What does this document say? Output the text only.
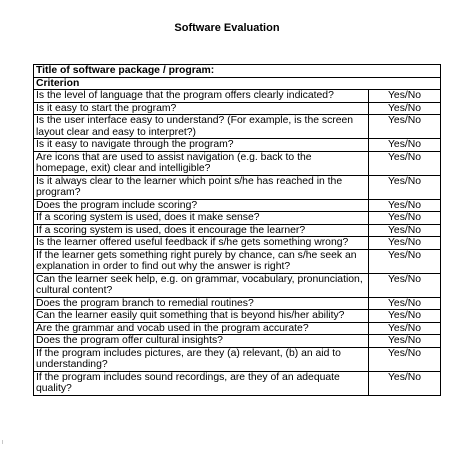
Software Evaluation
Title of software package / program:	
Criterion	
Is the level of language that the program offers clearly indicated?	Yes/No
Is it easy to start the program?	Yes/No
Is the user interface easy to understand? (For example, is the screen layout clear and easy to interpret?)	Yes/No
Is it easy to navigate through the program?	Yes/No
Are icons that are used to assist navigation (e.g. back to the homepage, exit) clear and intelligible?	Yes/No
Is it always clear to the learner which point s/he has reached in the program?	Yes/No
Does the program include scoring?	Yes/No
If a scoring system is used, does it make sense?	Yes/No
If a scoring system is used, does it encourage the learner?	Yes/No
Is the learner offered useful feedback if s/he gets something wrong?	Yes/No
If the learner gets something right purely by chance, can s/he seek an explanation in order to find out why the answer is right?	Yes/No
Can the learner seek help, e.g. on grammar, vocabulary, pronunciation, cultural content?	Yes/No
Does the program branch to remedial routines?	Yes/No
Can the learner easily quit something that is beyond his/her ability?	Yes/No
Are the grammar and vocab used in the program accurate?	Yes/No
Does the program offer cultural insights?	Yes/No
If the program includes pictures, are they (a) relevant, (b) an aid to understanding?	Yes/No
If the program includes sound recordings, are they of an adequate quality?	Yes/No
